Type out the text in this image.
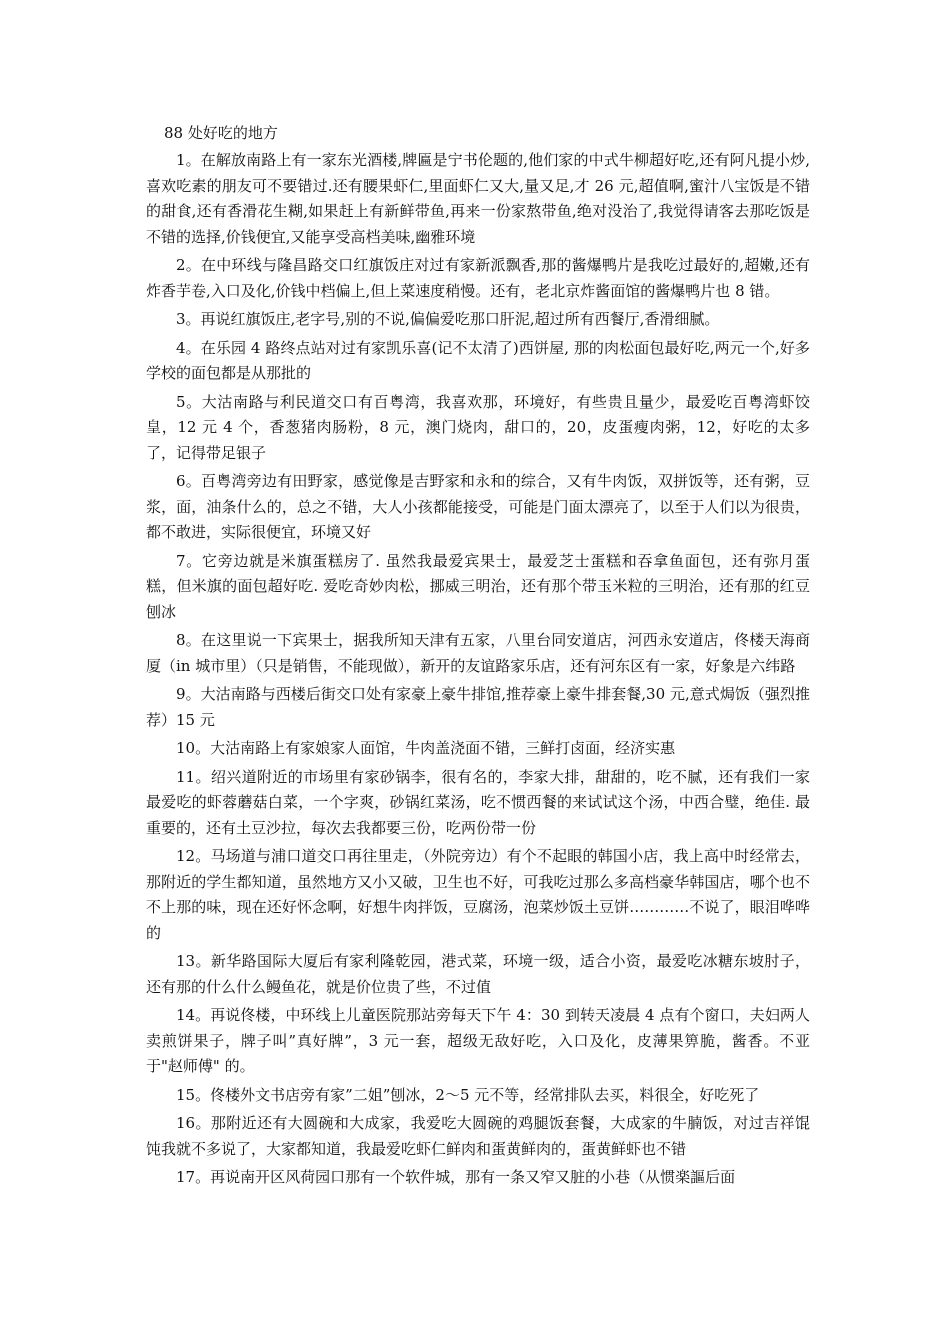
88 处好吃的地方

1。在解放南路上有一家东光酒楼,牌匾是宁书伦题的,他们家的中式牛柳超好吃,还有阿凡提小炒,喜欢吃素的朋友可不要错过.还有腰果虾仁,里面虾仁又大,量又足,才 26 元,超值啊,蜜汁八宝饭是不错的甜食,还有香滑花生糊,如果赶上有新鲜带鱼,再来一份家熬带鱼,绝对没治了,我觉得请客去那吃饭是不错的选择,价钱便宜,又能享受高档美味,幽雅环境

2。在中环线与隆昌路交口红旗饭庄对过有家新派飘香,那的酱爆鸭片是我吃过最好的,超嫩,还有炸香芋卷,入口及化,价钱中档偏上,但上菜速度稍慢。还有，老北京炸酱面馆的酱爆鸭片也 8 错。

3。再说红旗饭庄,老字号,别的不说,偏偏爱吃那口肝泥,超过所有西餐厅,香滑细腻。

4。在乐园 4 路终点站对过有家凯乐喜(记不太清了)西饼屋, 那的肉松面包最好吃,两元一个,好多学校的面包都是从那批的

5。大沽南路与利民道交口有百粤湾，我喜欢那，环境好，有些贵且量少，最爱吃百粤湾虾饺皇，12 元 4 个，香葱猪肉肠粉，8 元，澳门烧肉，甜口的，20，皮蛋瘦肉粥，12，好吃的太多了，记得带足银子

6。百粤湾旁边有田野家，感觉像是吉野家和永和的综合，又有牛肉饭，双拼饭等，还有粥，豆浆，面，油条什么的，总之不错，大人小孩都能接受，可能是门面太漂亮了，以至于人们以为很贵，都不敢进，实际很便宜，环境又好

7。它旁边就是米旗蛋糕房了. 虽然我最爱宾果士，最爱芝士蛋糕和吞拿鱼面包，还有弥月蛋糕，但米旗的面包超好吃. 爱吃奇妙肉松，挪威三明治，还有那个带玉米粒的三明治，还有那的红豆刨冰

8。在这里说一下宾果士，据我所知天津有五家，八里台同安道店，河西永安道店，佟楼天海商厦（in 城市里）（只是销售，不能现做），新开的友谊路家乐店，还有河东区有一家，好象是六纬路

9。大沽南路与西楼后街交口处有家豪上豪牛排馆,推荐豪上豪牛排套餐,30 元,意式焗饭（强烈推荐）15 元

10。大沽南路上有家娘家人面馆，牛肉盖浇面不错，三鲜打卤面，经济实惠

11。绍兴道附近的市场里有家砂锅李，很有名的，李家大排，甜甜的，吃不腻，还有我们一家最爱吃的虾蓉蘑菇白菜，一个字爽，砂锅红菜汤，吃不惯西餐的来试试这个汤，中西合璧，绝佳. 最重要的，还有土豆沙拉，每次去我都要三份，吃两份带一份

12。马场道与浦口道交口再往里走，（外院旁边）有个不起眼的韩国小店，我上高中时经常去，那附近的学生都知道，虽然地方又小又破，卫生也不好，可我吃过那么多高档豪华韩国店，哪个也不不上那的味，现在还好怀念啊，好想牛肉拌饭，豆腐汤，泡菜炒饭土豆饼…………不说了，眼泪哗哗的

13。新华路国际大厦后有家利隆乾园，港式菜，环境一级，适合小资，最爱吃冰糖东坡肘子，还有那的什么什么鳗鱼花，就是价位贵了些，不过值

14。再说佟楼，中环线上儿童医院那站旁每天下午 4：30 到转天凌晨 4 点有个窗口，夫妇两人卖煎饼果子，牌子叫”真好牌”，3 元一套，超级无敌好吃，入口及化，皮薄果箅脆，酱香。不亚于"赵师傅" 的。

15。佟楼外文书店旁有家”二姐”刨冰，2～5 元不等，经常排队去买，料很全，好吃死了

16。那附近还有大圆碗和大成家，我爱吃大圆碗的鸡腿饭套餐，大成家的牛腩饭，对过吉祥馄饨我就不多说了，大家都知道，我最爱吃虾仁鲜肉和蛋黄鲜肉的，蛋黄鲜虾也不错

17。再说南开区风荷园口那有一个软件城，那有一条又窄又脏的小巷（从惯楽謳后面
